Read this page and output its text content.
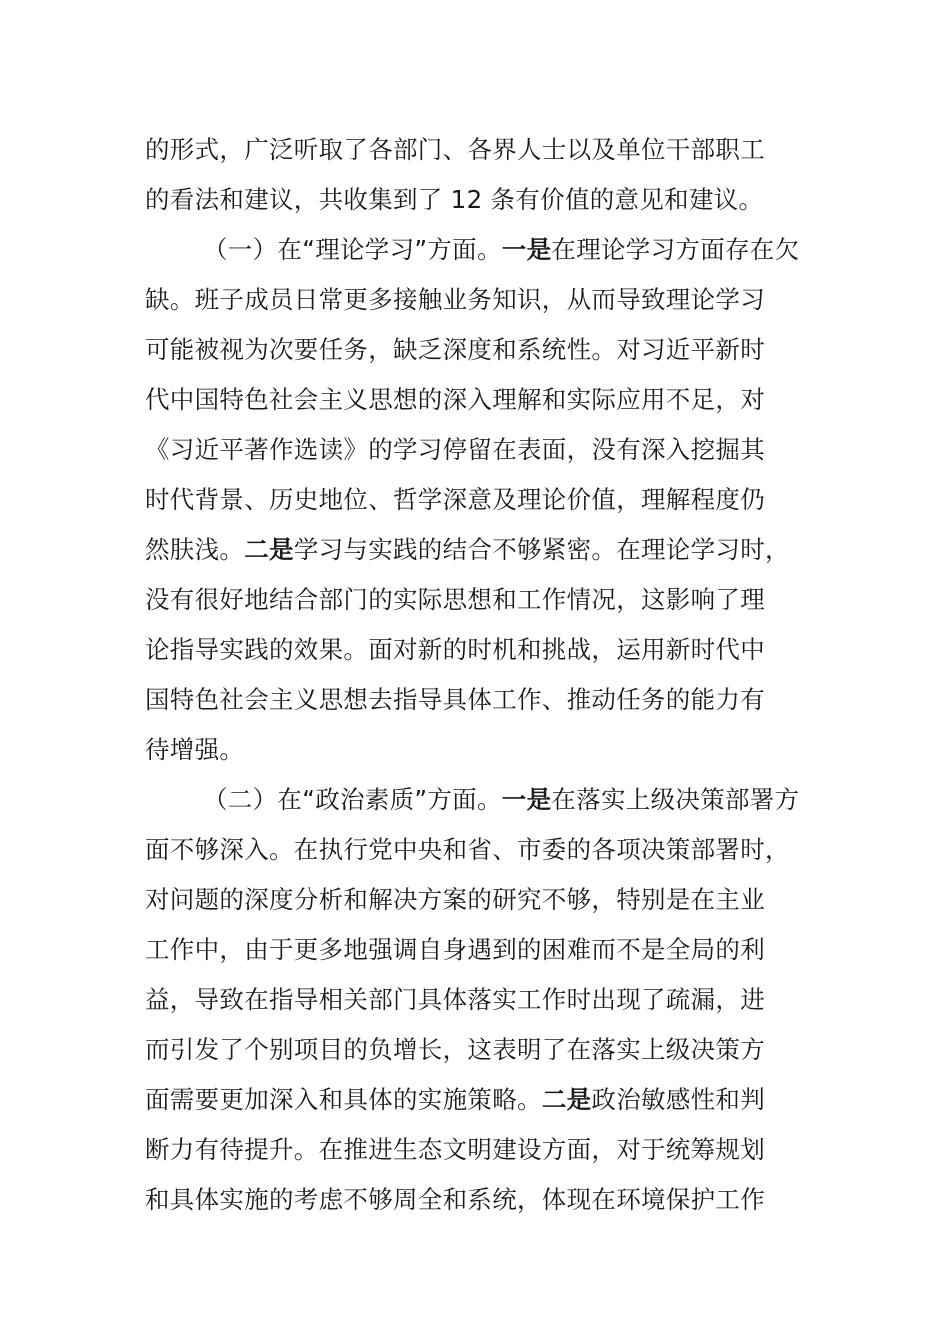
的形式，广泛听取了各部门、各界人士以及单位干部职工
的看法和建议，共收集到了 12 条有价值的意见和建议。
（一）在“理论学习”方面。一是在理论学习方面存在欠
缺。班子成员日常更多接触业务知识，从而导致理论学习
可能被视为次要任务，缺乏深度和系统性。对习近平新时
代中国特色社会主义思想的深入理解和实际应用不足，对
《习近平著作选读》的学习停留在表面，没有深入挖掘其
时代背景、历史地位、哲学深意及理论价值，理解程度仍
然肤浅。二是学习与实践的结合不够紧密。在理论学习时，
没有很好地结合部门的实际思想和工作情况，这影响了理
论指导实践的效果。面对新的时机和挑战，运用新时代中
国特色社会主义思想去指导具体工作、推动任务的能力有
待增强。
（二）在“政治素质”方面。一是在落实上级决策部署方
面不够深入。在执行党中央和省、市委的各项决策部署时，
对问题的深度分析和解决方案的研究不够，特别是在主业
工作中，由于更多地强调自身遇到的困难而不是全局的利
益，导致在指导相关部门具体落实工作时出现了疏漏，进
而引发了个别项目的负增长，这表明了在落实上级决策方
面需要更加深入和具体的实施策略。二是政治敏感性和判
断力有待提升。在推进生态文明建设方面，对于统筹规划
和具体实施的考虑不够周全和系统，体现在环境保护工作
